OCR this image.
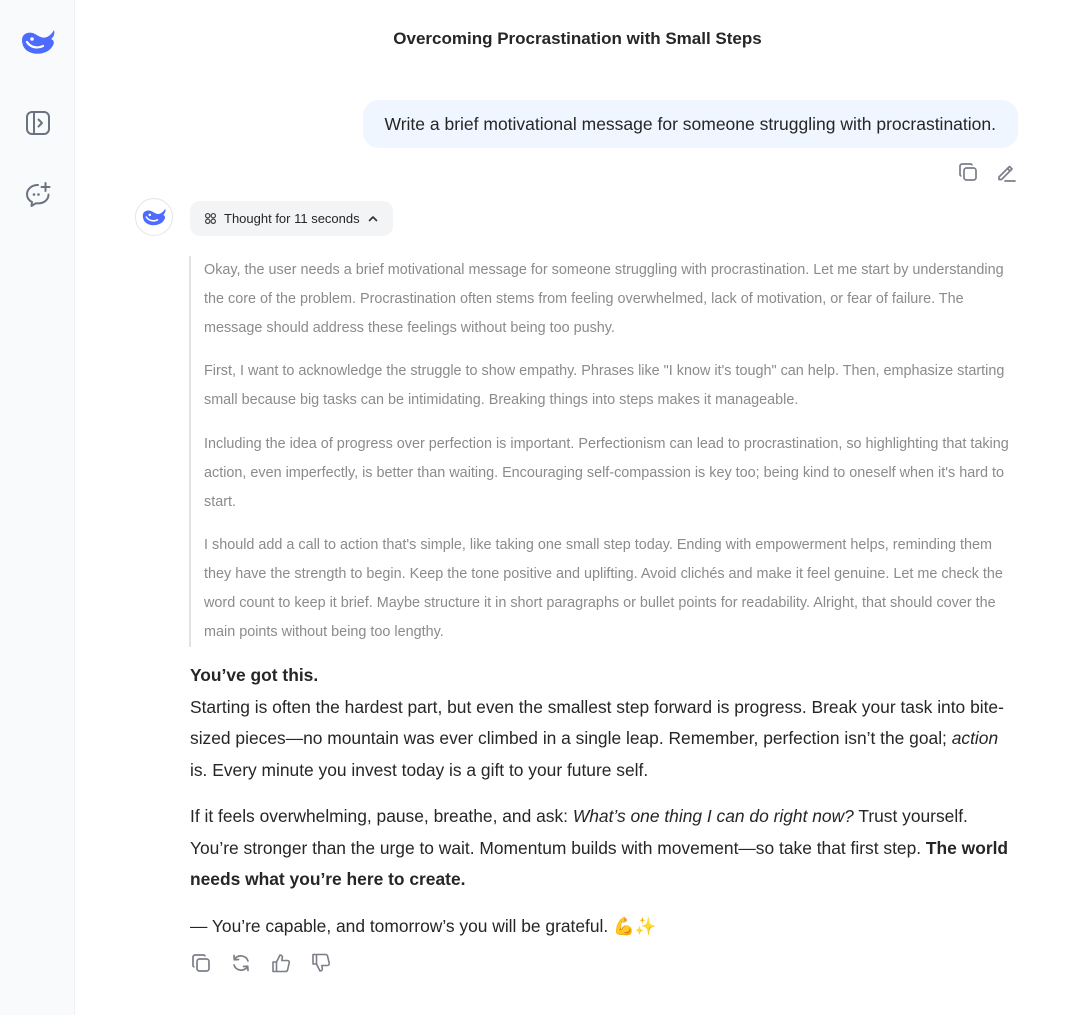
Overcoming Procrastination with Small Steps
Write a brief motivational message for someone struggling with procrastination.
Thought for 11 seconds

Okay, the user needs a brief motivational message for someone struggling with procrastination. Let me start by understanding the core of the problem. Procrastination often stems from feeling overwhelmed, lack of motivation, or fear of failure. The message should address these feelings without being too pushy.

First, I want to acknowledge the struggle to show empathy. Phrases like "I know it's tough" can help. Then, emphasize starting small because big tasks can be intimidating. Breaking things into steps makes it manageable.

Including the idea of progress over perfection is important. Perfectionism can lead to procrastination, so highlighting that taking action, even imperfectly, is better than waiting. Encouraging self-compassion is key too; being kind to oneself when it's hard to start.

I should add a call to action that's simple, like taking one small step today. Ending with empowerment helps, reminding them they have the strength to begin. Keep the tone positive and uplifting. Avoid clichés and make it feel genuine. Let me check the word count to keep it brief. Maybe structure it in short paragraphs or bullet points for readability. Alright, that should cover the main points without being too lengthy.

You’ve got this.

Starting is often the hardest part, but even the smallest step forward is progress. Break your task into bite-sized pieces—no mountain was ever climbed in a single leap. Remember, perfection isn’t the goal; action is. Every minute you invest today is a gift to your future self.

If it feels overwhelming, pause, breathe, and ask: What’s one thing I can do right now? Trust yourself. You’re stronger than the urge to wait. Momentum builds with movement—so take that first step. The world needs what you’re here to create.

— You’re capable, and tomorrow’s you will be grateful. 💪✨
